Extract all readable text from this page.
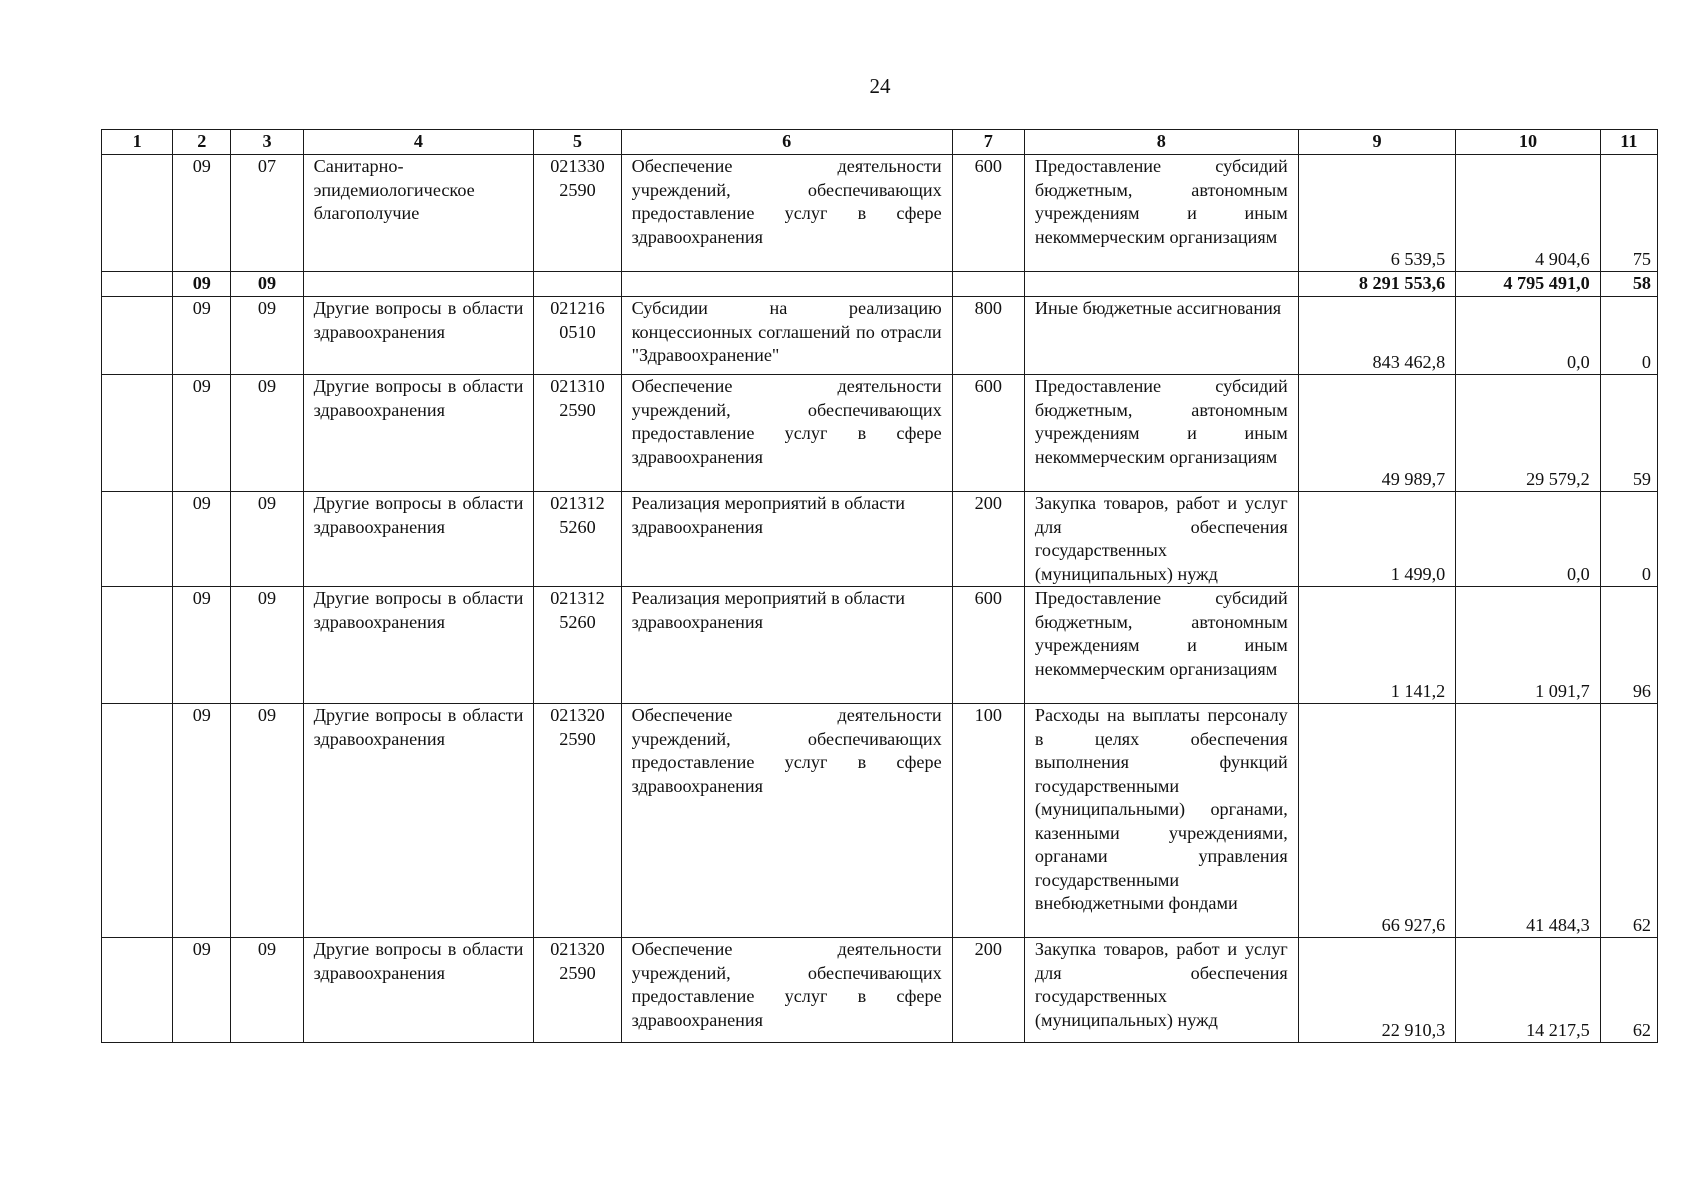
24
1	2	3	4	5	6	7	8	9	10	11
	09	07	Санитарно-эпидемиологическое благополучие	021330 2590	Обеспечение деятельности учреждений, обеспечивающих предоставление услуг в сфере здравоохранения	600	Предоставление субсидий бюджетным, автономным учреждениям и иным некоммерческим организациям	6 539,5	4 904,6	75
	09	09						8 291 553,6	4 795 491,0	58
	09	09	Другие вопросы в области здравоохранения	021216 0510	Субсидии на реализацию концессионных соглашений по отрасли "Здравоохранение"	800	Иные бюджетные ассигнования	843 462,8	0,0	0
	09	09	Другие вопросы в области здравоохранения	021310 2590	Обеспечение деятельности учреждений, обеспечивающих предоставление услуг в сфере здравоохранения	600	Предоставление субсидий бюджетным, автономным учреждениям и иным некоммерческим организациям	49 989,7	29 579,2	59
	09	09	Другие вопросы в области здравоохранения	021312 5260	Реализация мероприятий в области здравоохранения	200	Закупка товаров, работ и услуг для обеспечения государственных (муниципальных) нужд	1 499,0	0,0	0
	09	09	Другие вопросы в области здравоохранения	021312 5260	Реализация мероприятий в области здравоохранения	600	Предоставление субсидий бюджетным, автономным учреждениям и иным некоммерческим организациям	1 141,2	1 091,7	96
	09	09	Другие вопросы в области здравоохранения	021320 2590	Обеспечение деятельности учреждений, обеспечивающих предоставление услуг в сфере здравоохранения	100	Расходы на выплаты персоналу в целях обеспечения выполнения функций государственными (муниципальными) органами, казенными учреждениями, органами управления государственными внебюджетными фондами	66 927,6	41 484,3	62
	09	09	Другие вопросы в области здравоохранения	021320 2590	Обеспечение деятельности учреждений, обеспечивающих предоставление услуг в сфере здравоохранения	200	Закупка товаров, работ и услуг для обеспечения государственных (муниципальных) нужд	22 910,3	14 217,5	62
